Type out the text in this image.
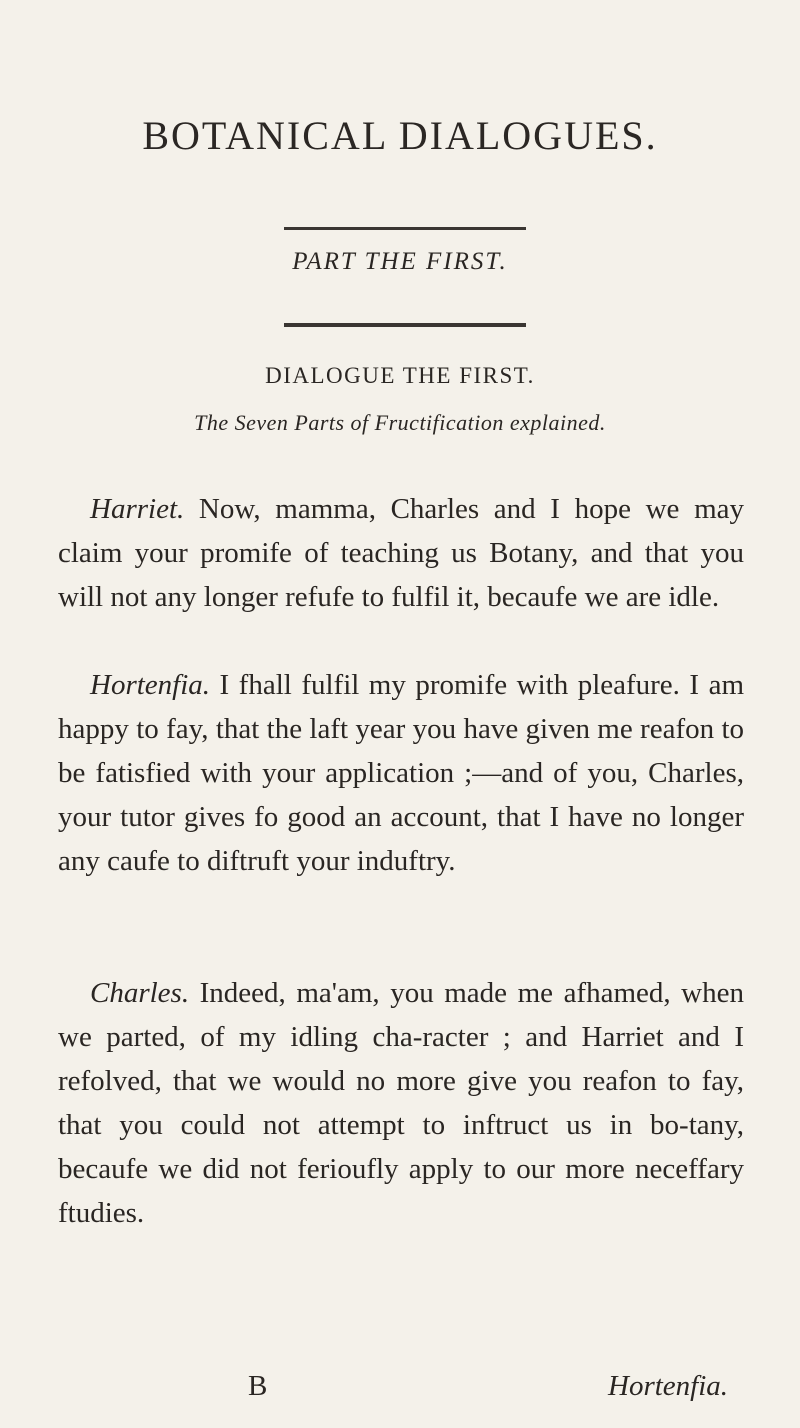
BOTANICAL DIALOGUES.
PART THE FIRST.
DIALOGUE THE FIRST.
The Seven Parts of Fructification explained.

Harriet. Now, mamma, Charles and I hope we may claim your promife of teaching us Botany, and that you will not any longer refufe to fulfil it, becaufe we are idle.

Hortenfia. I fhall fulfil my promife with pleafure. I am happy to fay, that the laft year you have given me reafon to be fatisfied with your application ;—and of you, Charles, your tutor gives fo good an account, that I have no longer any caufe to diftruft your induftry.

Charles. Indeed, ma'am, you made me afhamed, when we parted, of my idling cha-racter ; and Harriet and I refolved, that we would no more give you reafon to fay, that you could not attempt to inftruct us in bo-tany, becaufe we did not ferioufly apply to our more neceffary ftudies.

B	Hortenfia.
